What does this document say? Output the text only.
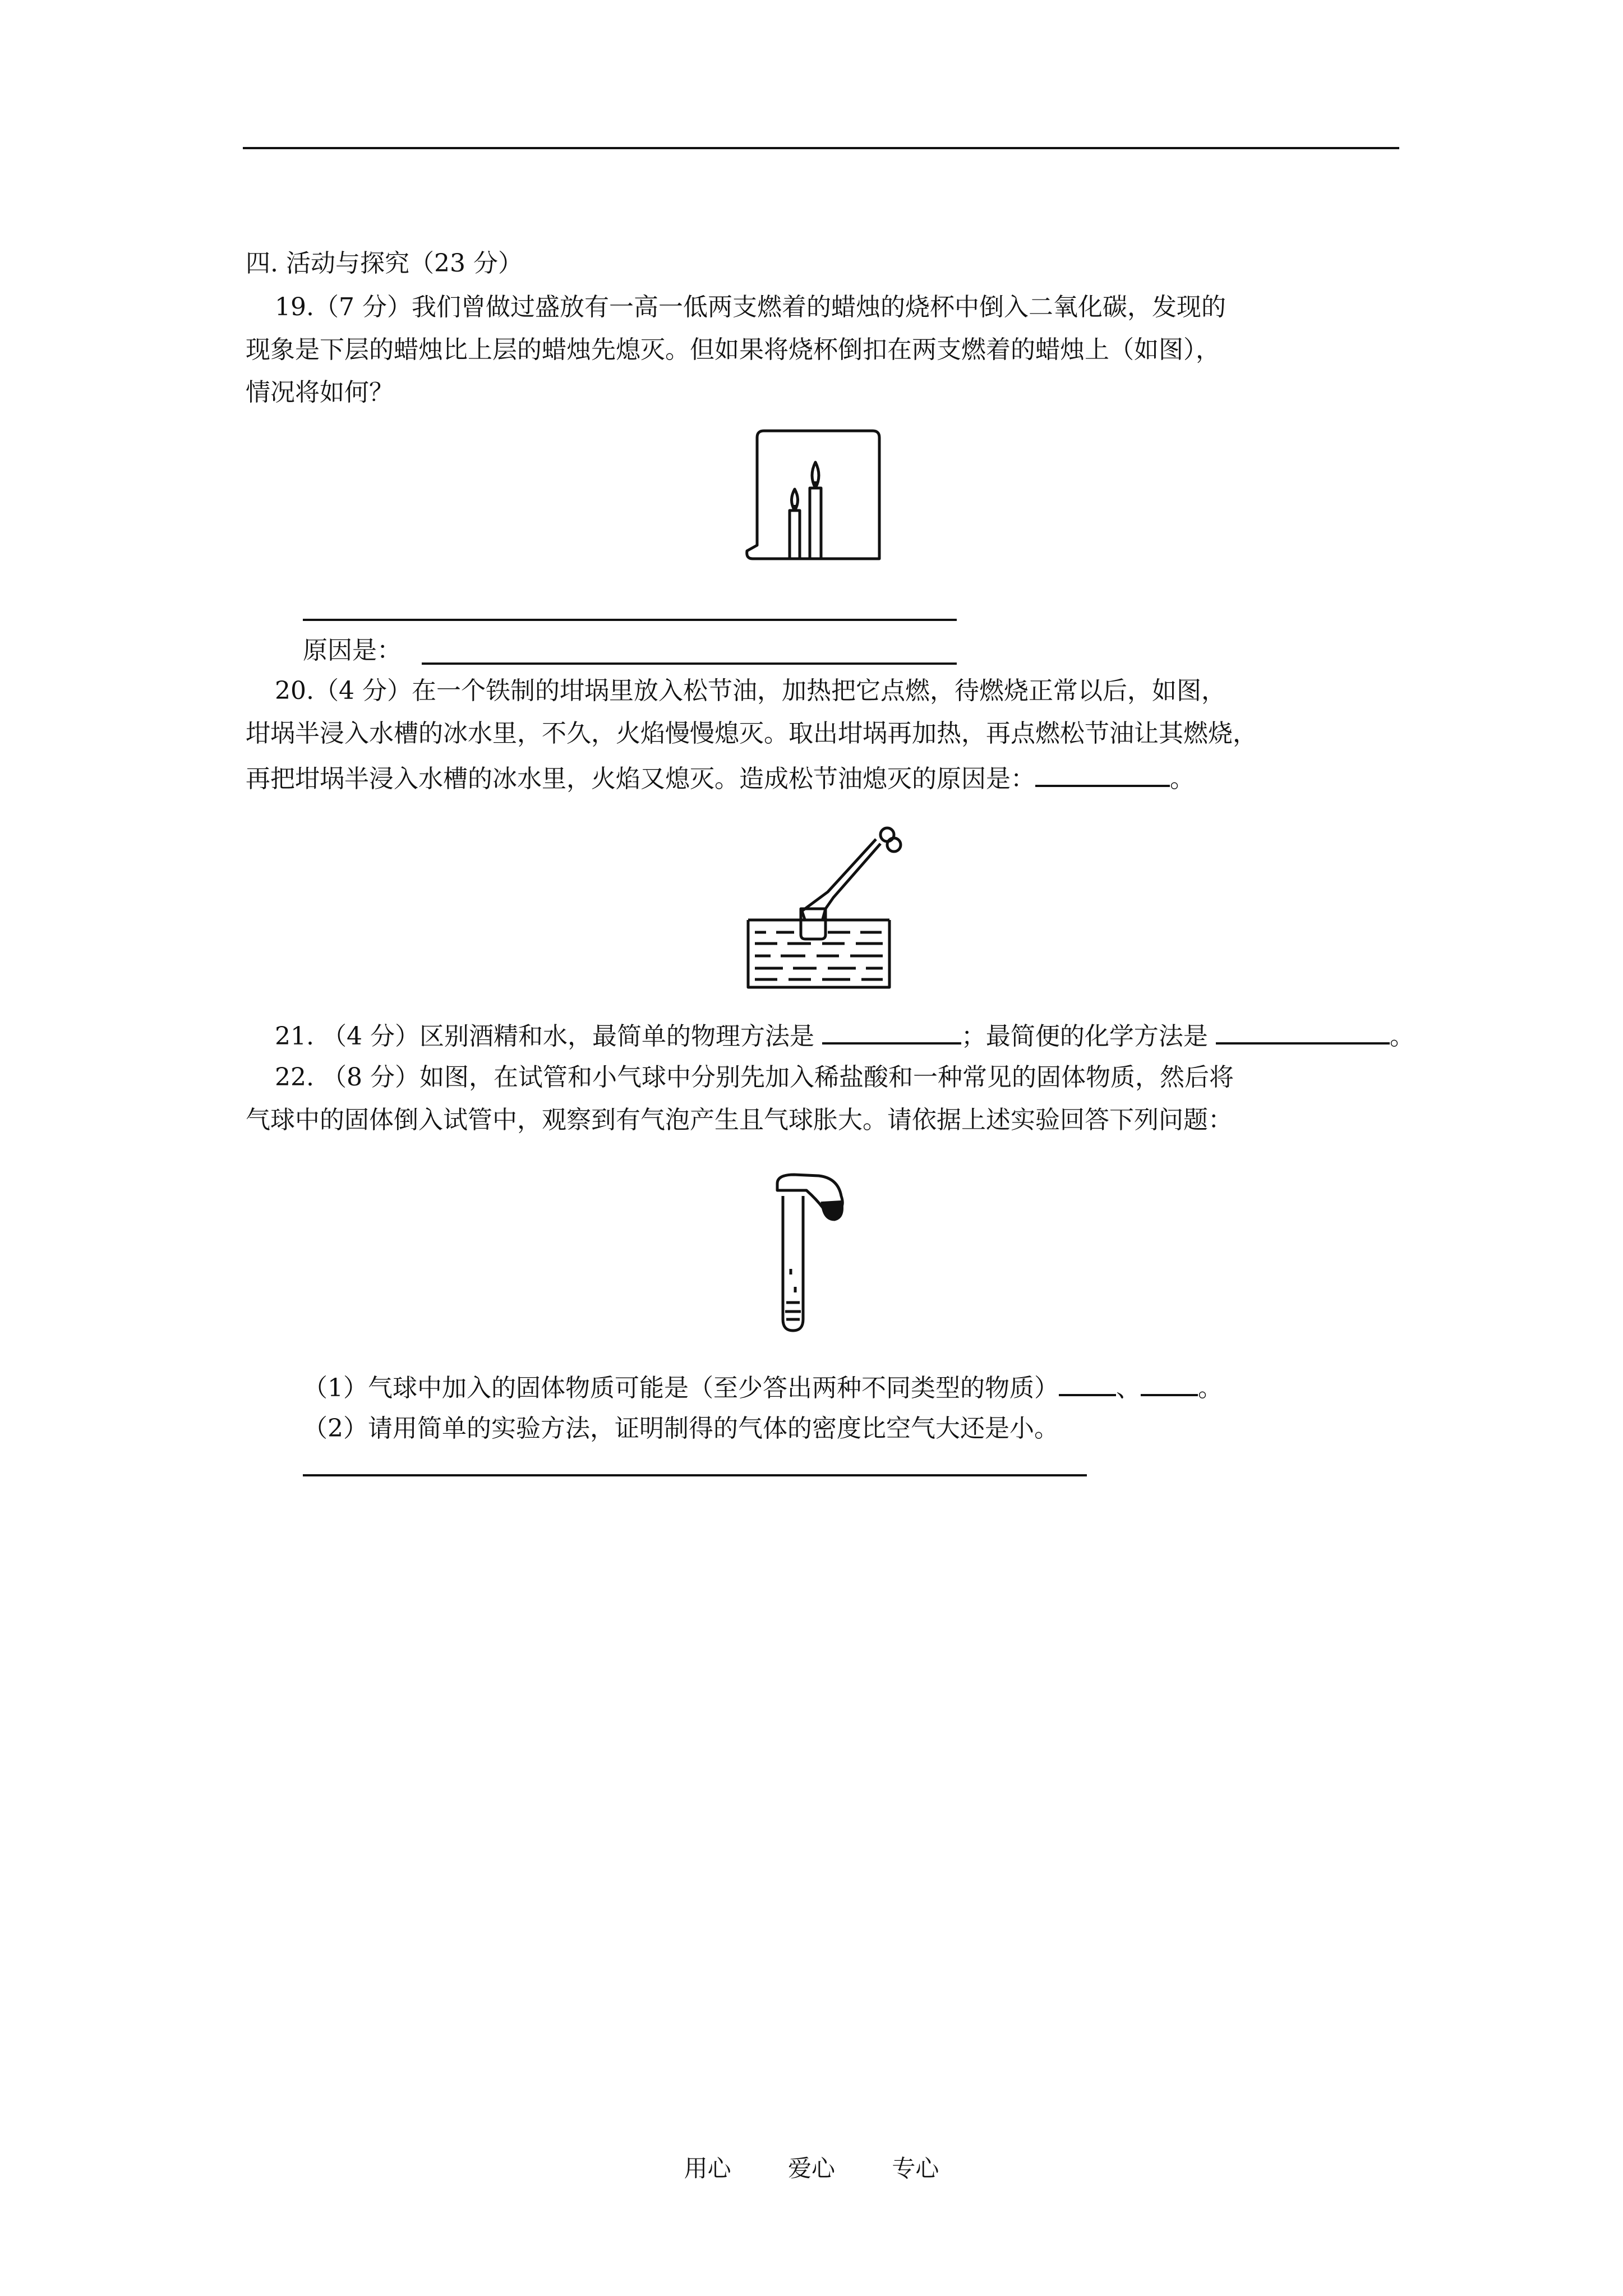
四. 活动与探究（23 分）
19.（7 分）我们曾做过盛放有一高一低两支燃着的蜡烛的烧杯中倒入二氧化碳，发现的
现象是下层的蜡烛比上层的蜡烛先熄灭。但如果将烧杯倒扣在两支燃着的蜡烛上（如图），
情况将如何？
原因是：
20.（4 分）在一个铁制的坩埚里放入松节油，加热把它点燃，待燃烧正常以后，如图，
坩埚半浸入水槽的冰水里，不久，火焰慢慢熄灭。取出坩埚再加热，再点燃松节油让其燃烧，
再把坩埚半浸入水槽的冰水里，火焰又熄灭。造成松节油熄灭的原因是：	。
21. （4 分）区别酒精和水，最简单的物理方法是	；最简便的化学方法是	。
22. （8 分）如图，在试管和小气球中分别先加入稀盐酸和一种常见的固体物质，然后将
气球中的固体倒入试管中，观察到有气泡产生且气球胀大。请依据上述实验回答下列问题：
（1）气球中加入的固体物质可能是（至少答出两种不同类型的物质） 、 。
（2）请用简单的实验方法，证明制得的气体的密度比空气大还是小。
用心 爱心 专心
